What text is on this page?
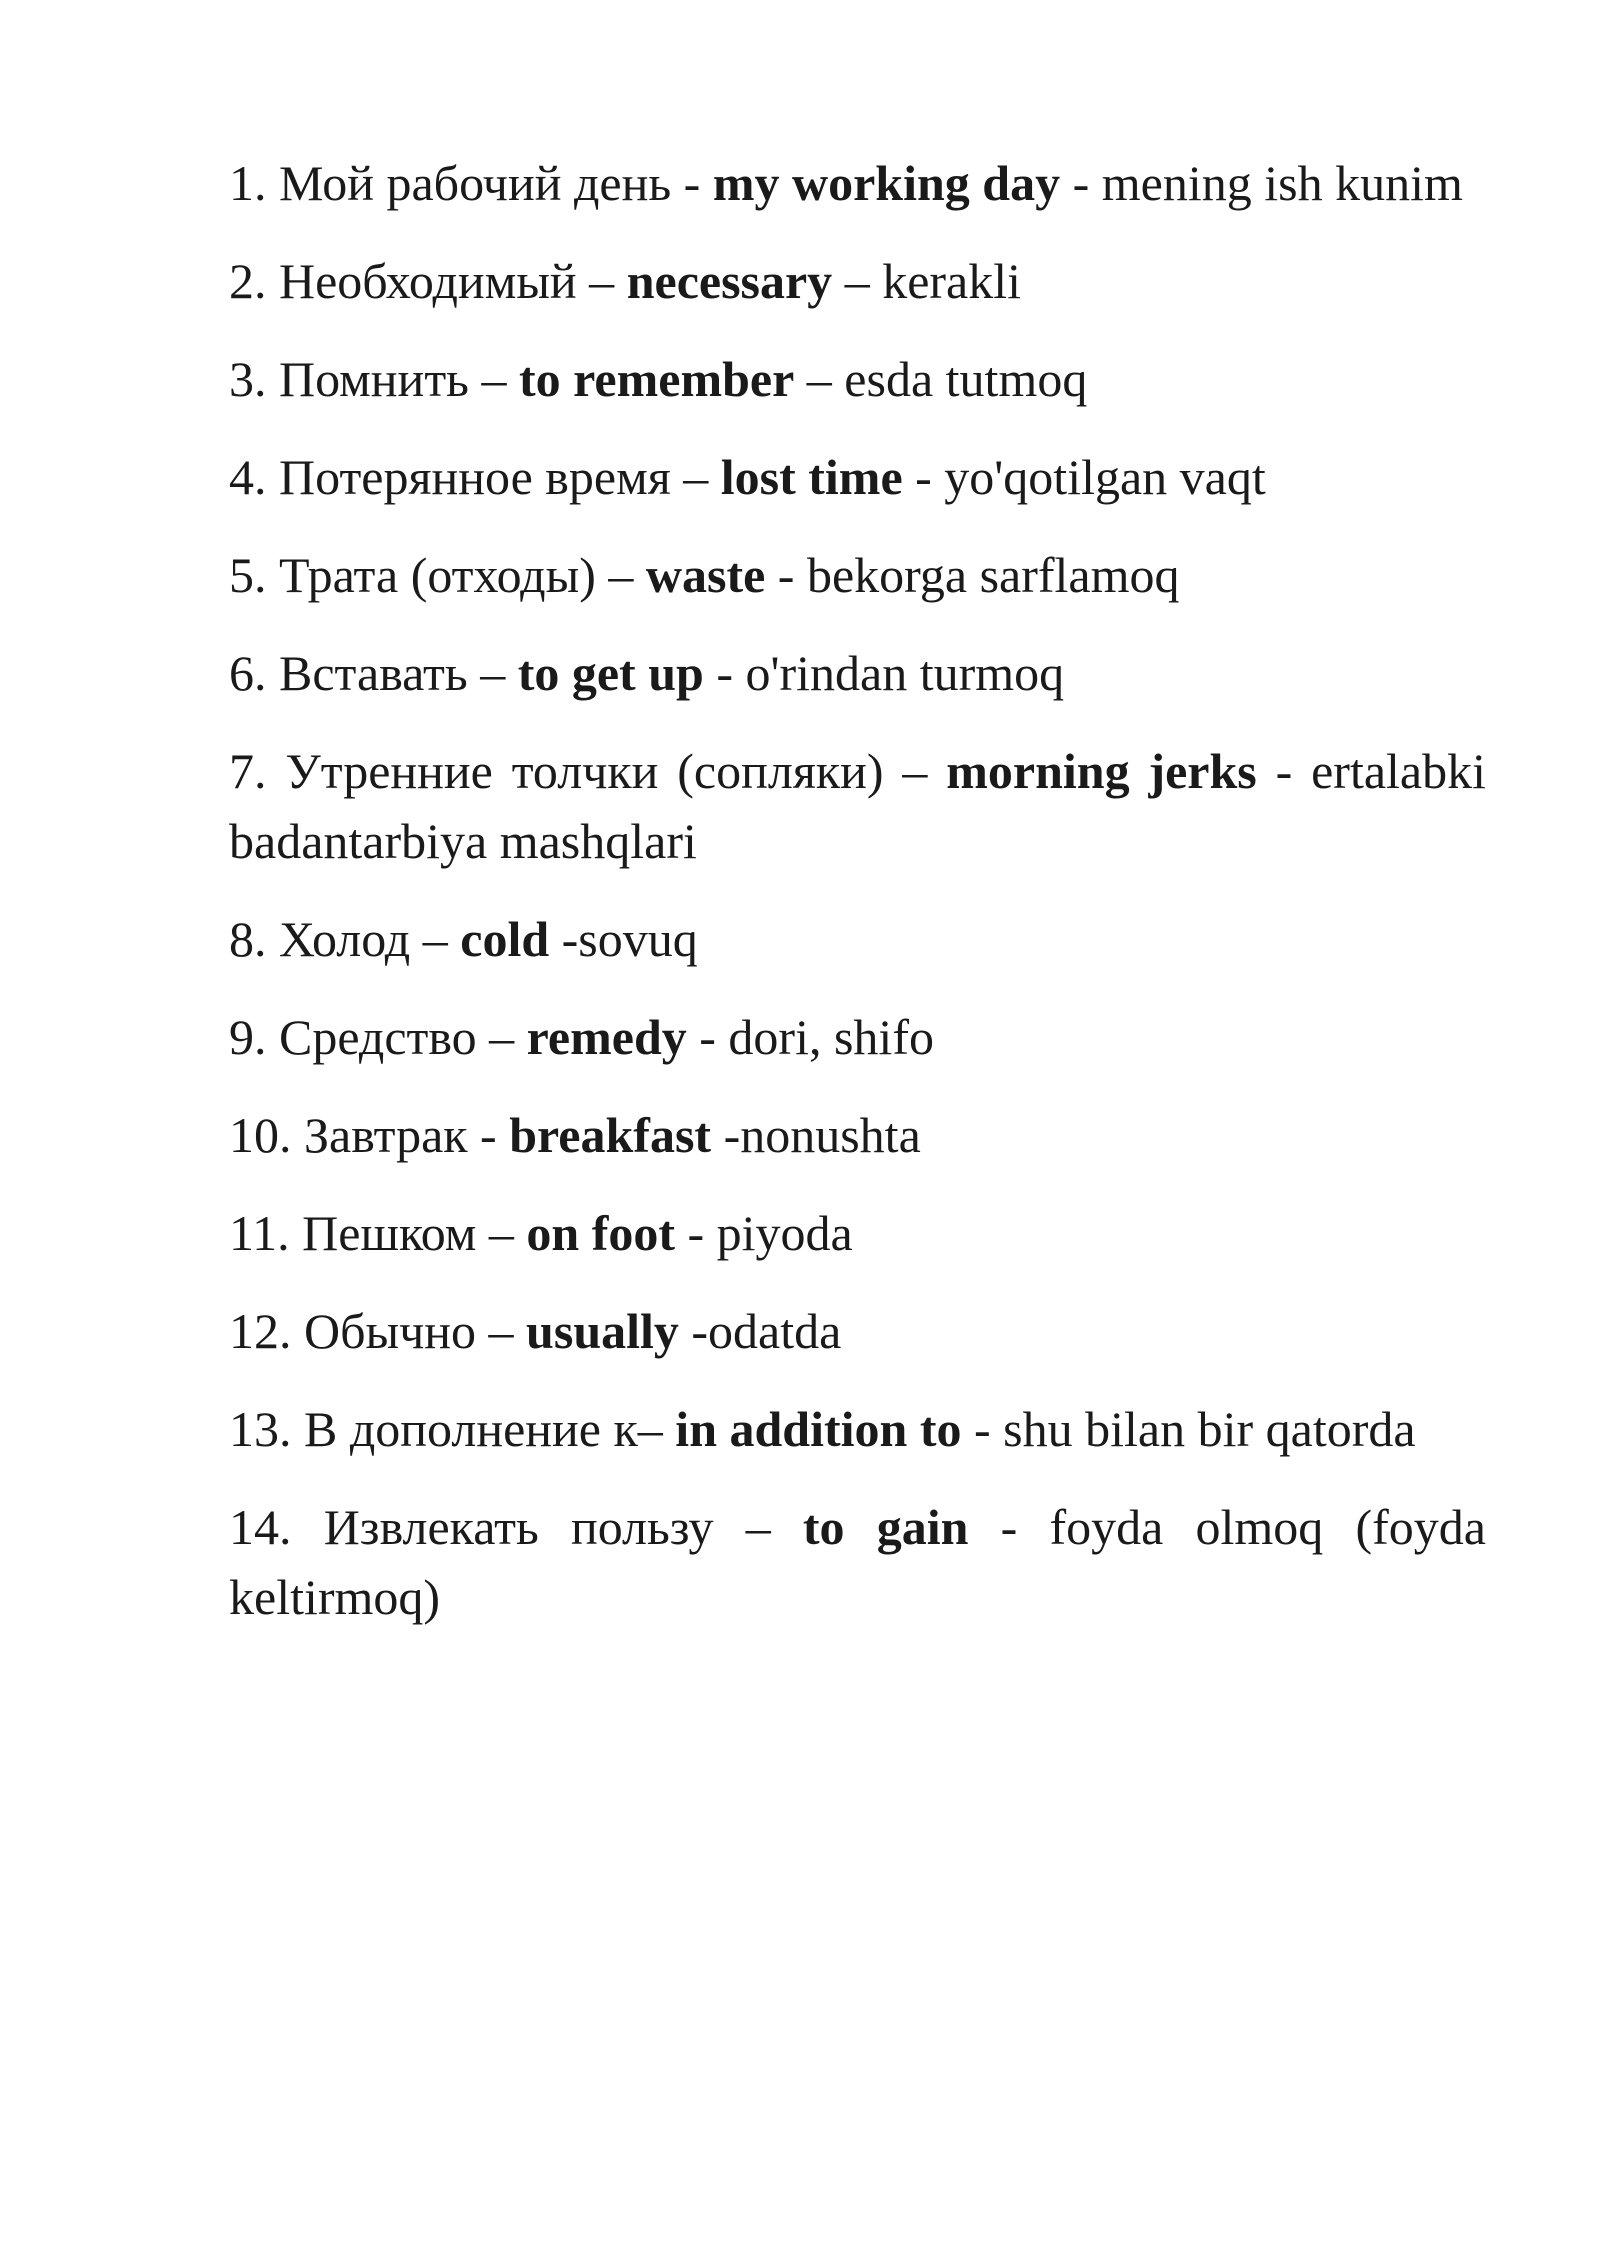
1. Мой рабочий день - my working day - mening ish kunim

2. Необходимый – necessary – kerakli

3. Помнить – to remember – esda tutmoq

4. Потерянное время – lost time - yo'qotilgan vaqt

5. Трата (отходы) – waste - bekorga sarflamoq

6. Вставать – to get up - o'rindan turmoq

7. Утренние толчки (сопляки) – morning jerks - ertalabki badantarbiya mashqlari

8. Холод – cold -sovuq

9. Средство – remedy - dori, shifo

10. Завтрак - breakfast -nonushta

11. Пешком – on foot - piyoda

12. Обычно – usually -odatda

13. В дополнение к– in addition to - shu bilan bir qatorda

14. Извлекать пользу – to gain - foyda olmoq (foyda keltirmoq)
